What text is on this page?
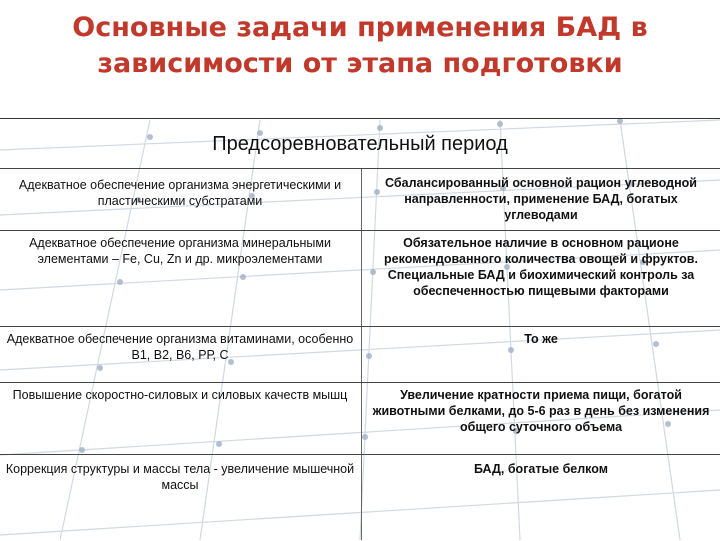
Основные задачи применения БАД в
зависимости от этапа подготовки
Предсоревновательный период
Адекватное обеспечение организма энергетическими и пластическими субстратами
Сбалансированный основной рацион углеводной направленности, применение БАД, богатых углеводами
Адекватное обеспечение организма минеральными элементами – Fe, Cu, Zn и др. микроэлементами
Обязательное наличие в основном рационе рекомендованного количества овощей и фруктов. Специальные БАД и биохимический контроль за обеспеченностью пищевыми факторами
Адекватное обеспечение организма витаминами, особенно В1, В2, В6, РР, С
То же
Повышение скоростно-силовых и силовых качеств мышц	Увеличение кратности приема пищи, богатой животными белками, до 5-6 раз в день без изменения общего суточного объема
Коррекция структуры и массы тела - увеличение мышечной массы
БАД, богатые белком
